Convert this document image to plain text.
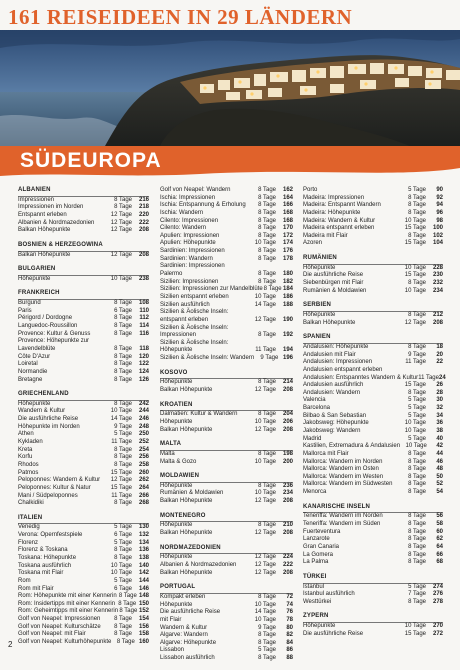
161 REISEIDEEN IN 29 LÄNDERN
SÜDEUROPA
ALBANIEN
Impressionen	8 Tage	216
Impressionen im Norden	8 Tage	218
Entspannt erleben	12 Tage	220
Albanien & Nordmazedonien	12 Tage	222
Balkan Höhepunkte	12 Tage	208
BOSNIEN & HERZEGOWINA
Balkan Höhepunkte	12 Tage	208
BULGARIEN
Höhepunkte	10 Tage	238
FRANKREICH
Burgund	8 Tage	108
Paris	6 Tage	110
Périgord / Dordogne	8 Tage	112
Languedoc-Roussillon	8 Tage	114
Provence: Kultur & Genuss	8 Tage	116
Provence: Höhepunkte zur
Lavendelblüte	8 Tage	118
Côte D'Azur	8 Tage	120
Loiretal	8 Tage	122
Normandie	8 Tage	124
Bretagne	8 Tage	126
GRIECHENLAND
Höhepunkte	8 Tage	242
Wandern & Kultur	10 Tage	244
Die ausführliche Reise	14 Tage	246
Höhepunkte im Norden	9 Tage	248
Athen	5 Tage	250
Kykladen	11 Tage	252
Kreta	8 Tage	254
Korfu	8 Tage	256
Rhodos	8 Tage	258
Patmos	15 Tage	260
Peloponnes: Wandern & Kultur	12 Tage	262
Peloponnes: Kultur & Natur	15 Tage	264
Mani / Südpeloponnes	11 Tage	266
Chalkidiki	8 Tage	268
ITALIEN
Venedig	5 Tage	130
Verona: Opernfestspiele	6 Tage	132
Florenz	5 Tage	134
Florenz & Toskana	8 Tage	136
Toskana: Höhepunkte	8 Tage	138
Toskana ausführlich	10 Tage	140
Toskana mit Flair	10 Tage	142
Rom	5 Tage	144
Rom mit Flair	6 Tage	146
Rom: Höhepunkte mit einer Kennerin 8 Tage 148
Rom: Insidertipps mit einer Kennerin 8 Tage 150
Rom: Geheimtipps mit einer Kennerin 8 Tage 152
Golf von Neapel: Impressionen	8 Tage	154
Golf von Neapel: Kulturschätze	8 Tage	156
Golf von Neapel: mit Flair	8 Tage	158
Golf von Neapel: Kulturhöhepunkte 8 Tage 160
Golf von Neapel: Wandern	8 Tage	162
Ischia: Impressionen	8 Tage	164
Ischia: Entspannung & Erholung	8 Tage	166
Ischia: Wandern	8 Tage	168
Cilento: Impressionen	8 Tage	168
Cilento: Wandern	8 Tage	170
Apulien: Impressionen	8 Tage	172
Apulien: Höhepunkte	10 Tage	174
Sardinien: Impressionen	8 Tage	176
Sardinien: Wandern	8 Tage	178
Sardinien: Impressionen
Palermo	8 Tage	180
Sizilien: Impressionen	8 Tage	182
Sizilien: Impressionen zur Mandelblüte 8 Tage 184
Sizilien entspannt erleben	10 Tage	186
Sizilien ausführlich	14 Tage	188
Sizilien & Äolische Inseln:
entspannt erleben	12 Tage	190
Sizilien & Äolische Inseln:
Impressionen	8 Tage	192
Sizilien & Äolische Inseln:
Höhepunkte	11 Tage	194
Sizilien & Äolische Inseln: Wandern	9 Tage 196
KOSOVO
Höhepunkte	8 Tage	214
Balkan Höhepunkte	12 Tage	208
KROATIEN
Dalmatien: Kultur & Wandern	8 Tage	204
Höhepunkte	10 Tage	206
Balkan Höhepunkte	12 Tage	208
MALTA
Malta	8 Tage	198
Malta & Gozo	10 Tage	200
MOLDAWIEN
Höhepunkte	8 Tage	236
Rumänien & Moldawien	10 Tage	234
Balkan Höhepunkte	12 Tage	208
MONTENEGRO
Höhepunkte	8 Tage	210
Balkan Höhepunkte	12 Tage	208
NORDMAZEDONIEN
Höhepunkte	12 Tage	224
Albanien & Nordmazedonien	12 Tage	222
Balkan Höhepunkte	12 Tage	208
PORTUGAL
Kompakt erleben	8 Tage	72
Höhepunkte	10 Tage	74
Die ausführliche Reise	14 Tage	76
mit Flair	10 Tage	78
Wandern & Kultur	9 Tage	80
Algarve: Wandern	8 Tage	82
Algarve: Höhepunkte	8 Tage	84
Lissabon	5 Tage	86
Lissabon ausführlich	8 Tage	88
Porto	5 Tage	90
Madeira: Impressionen	8 Tage	92
Madeira: Entspannt Wandern	8 Tage	94
Madeira: Höhepunkte	8 Tage	96
Madeira: Wandern & Kultur	10 Tage	98
Madeira entspannt erleben	15 Tage	100
Madeira mit Flair	8 Tage	102
Azoren	15 Tage	104
RUMÄNIEN
Höhepunkte	10 Tage	228
Die ausführliche Reise	15 Tage	230
Siebenbürgen mit Flair	8 Tage	232
Rumänien & Moldawien	10 Tage	234
SERBIEN
Höhepunkte	8 Tage	212
Balkan Höhepunkte	12 Tage	208
SPANIEN
Andalusien: Höhepunkte	8 Tage	18
Andalusien mit Flair	9 Tage	20
Andalusien: Impressionen	11 Tage	22
Andalusien entspannt erleben
Andalusien: Entspanntes Wandern & Kultur 11 Tage 24
Andalusien ausführlich	15 Tage	26
Andalusien: Wandern	8 Tage	28
Valencia	5 Tage	30
Barcelona	5 Tage	32
Bilbao & San Sebastian	5 Tage	34
Jakobsweg: Höhepunkte	10 Tage	36
Jakobsweg: Wandern	10 Tage	38
Madrid	5 Tage	40
Kastilien, Extremadura & Andalusien 10 Tage	42
Mallorca mit Flair	8 Tage	44
Mallorca: Wandern im Norden	8 Tage	46
Mallorca: Wandern im Osten	8 Tage	48
Mallorca: Wandern im Westen	8 Tage	50
Mallorca: Wandern im Südwesten	8 Tage	52
Menorca	8 Tage	54
KANARISCHE INSELN
Teneriffa: Wandern im Norden	8 Tage	56
Teneriffa: Wandern im Süden	8 Tage	58
Fuerteventura	8 Tage	60
Lanzarote	8 Tage	62
Gran Canaria	8 Tage	64
La Gomera	8 Tage	66
La Palma	8 Tage	68
TÜRKEI
Istanbul	5 Tage	274
Istanbul ausführlich	7 Tage	276
Westtürkei	8 Tage	278
ZYPERN
Höhepunkte	10 Tage	270
Die ausführliche Reise	15 Tage	272
2
